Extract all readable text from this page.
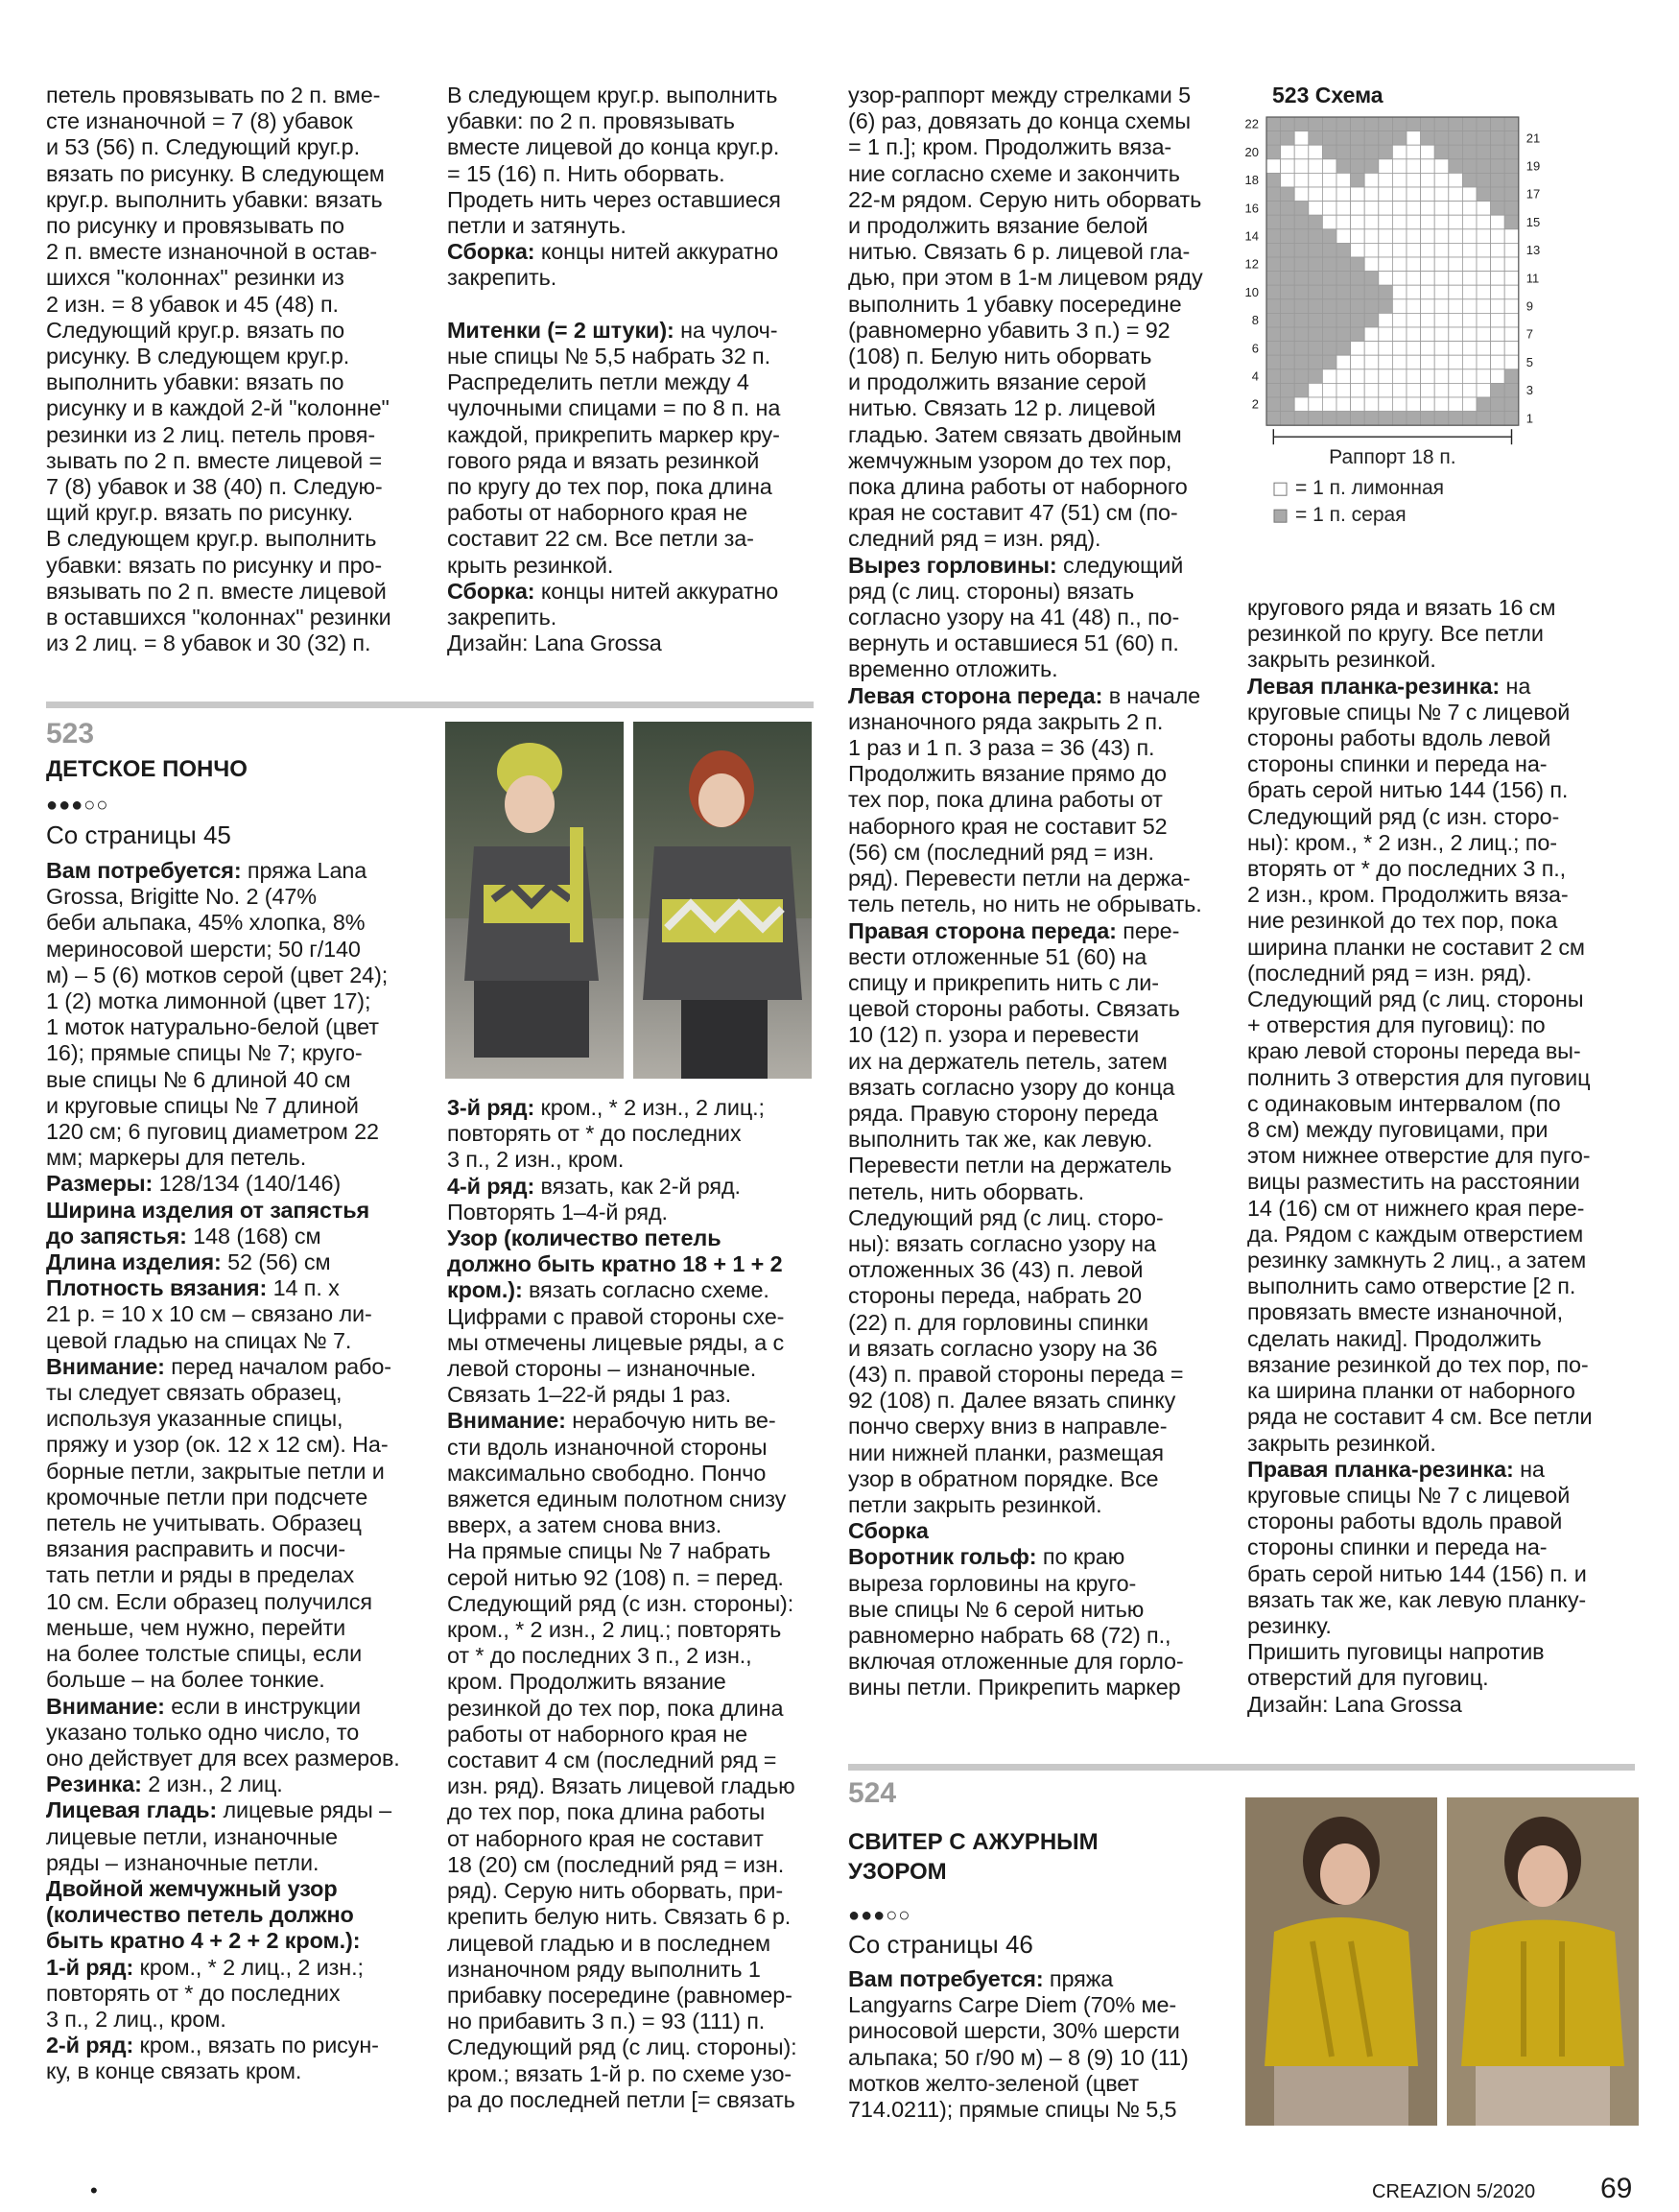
петель провязывать по 2 п. вме-
сте изнаночной = 7 (8) убавок
и 53 (56) п. Следующий круг.р.
вязать по рисунку. В следующем
круг.р. выполнить убавки: вязать
по рисунку и провязывать по
2 п. вместе изнаночной в остав-
шихся "колоннах" резинки из
2 изн. = 8 убавок и 45 (48) п.
Следующий круг.р. вязать по
рисунку. В следующем круг.р.
выполнить убавки: вязать по
рисунку и в каждой 2-й "колонне"
резинки из 2 лиц. петель провя-
зывать по 2 п. вместе лицевой =
7 (8) убавок и 38 (40) п. Следую-
щий круг.р. вязать по рисунку.
В следующем круг.р. выполнить
убавки: вязать по рисунку и про-
вязывать по 2 п. вместе лицевой
в оставшихся "колоннах" резинки
из 2 лиц. = 8 убавок и 30 (32) п.
В следующем круг.р. выполнить
убавки: по 2 п. провязывать
вместе лицевой до конца круг.р.
= 15 (16) п. Нить оборвать.
Продеть нить через оставшиеся
петли и затянуть.
Сборка: концы нитей аккуратно
закрепить.

Митенки (= 2 штуки): на чулоч-
ные спицы № 5,5 набрать 32 п.
Распределить петли между 4
чулочными спицами = по 8 п. на
каждой, прикрепить маркер кру-
гового ряда и вязать резинкой
по кругу до тех пор, пока длина
работы от наборного края не
составит 22 см. Все петли за-
крыть резинкой.
Сборка: концы нитей аккуратно
закрепить.
Дизайн: Lana Grossa
узор-раппорт между стрелками 5
(6) раз, довязать до конца схемы
= 1 п.]; кром. Продолжить вяза-
ние согласно схеме и закончить
22-м рядом. Серую нить оборвать
и продолжить вязание белой
нитью. Связать 6 р. лицевой гла-
дью, при этом в 1-м лицевом ряду
выполнить 1 убавку посередине
(равномерно убавить 3 п.) = 92
(108) п. Белую нить оборвать
и продолжить вязание серой
нитью. Связать 12 р. лицевой
гладью. Затем связать двойным
жемчужным узором до тех пор,
пока длина работы от наборного
края не составит 47 (51) см (по-
следний ряд = изн. ряд).
Вырез горловины: следующий
ряд (с лиц. стороны) вязать
согласно узору на 41 (48) п., по-
вернуть и оставшиеся 51 (60) п.
временно отложить.
Левая сторона переда: в начале
изнаночного ряда закрыть 2 п.
1 раз и 1 п. 3 раза = 36 (43) п.
Продолжить вязание прямо до
тех пор, пока длина работы от
наборного края не составит 52
(56) см (последний ряд = изн.
ряд). Перевести петли на держа-
тель петель, но нить не обрывать.
Правая сторона переда: пере-
вести отложенные 51 (60) на
спицу и прикрепить нить с ли-
цевой стороны работы. Связать
10 (12) п. узора и перевести
их на держатель петель, затем
вязать согласно узору до конца
ряда. Правую сторону переда
выполнить так же, как левую.
Перевести петли на держатель
петель, нить оборвать.
Следующий ряд (с лиц. сторо-
ны): вязать согласно узору на
отложенных 36 (43) п. левой
стороны переда, набрать 20
(22) п. для горловины спинки
и вязать согласно узору на 36
(43) п. правой стороны переда =
92 (108) п. Далее вязать спинку
пончо сверху вниз в направле-
нии нижней планки, размещая
узор в обратном порядке. Все
петли закрыть резинкой.
Сборка
Воротник гольф: по краю
выреза горловины на круго-
вые спицы № 6 серой нитью
равномерно набрать 68 (72) п.,
включая отложенные для горло-
вины петли. Прикрепить маркер
523 Схема
22
20
18
16
14
12
10
8
6
4
2
21
19
17
15
13
11
9
7
5
3
1
Раппорт 18 п.
= 1 п. лимонная
= 1 п. серая
кругового ряда и вязать 16 см
резинкой по кругу. Все петли
закрыть резинкой.
Левая планка-резинка: на
круговые спицы № 7 с лицевой
стороны работы вдоль левой
стороны спинки и переда на-
брать серой нитью 144 (156) п.
Следующий ряд (с изн. сторо-
ны): кром., * 2 изн., 2 лиц.; по-
вторять от * до последних 3 п.,
2 изн., кром. Продолжить вяза-
ние резинкой до тех пор, пока
ширина планки не составит 2 см
(последний ряд = изн. ряд).
Следующий ряд (с лиц. стороны
+ отверстия для пуговиц): по
краю левой стороны переда вы-
полнить 3 отверстия для пуговиц
с одинаковым интервалом (по
8 см) между пуговицами, при
этом нижнее отверстие для пуго-
вицы разместить на расстоянии
14 (16) см от нижнего края пере-
да. Рядом с каждым отверстием
резинку замкнуть 2 лиц., а затем
выполнить само отверстие [2 п.
провязать вместе изнаночной,
сделать накид]. Продолжить
вязание резинкой до тех пор, по-
ка ширина планки от наборного
ряда не составит 4 см. Все петли
закрыть резинкой.
Правая планка-резинка: на
круговые спицы № 7 с лицевой
стороны работы вдоль правой
стороны спинки и переда на-
брать серой нитью 144 (156) п. и
вязать так же, как левую планку-
резинку.
Пришить пуговицы напротив
отверстий для пуговиц.
Дизайн: Lana Grossa
523
ДЕТСКОЕ ПОНЧО
●●●○○
Со страницы 45
Вам потребуется: пряжа Lana
Grossa, Brigitte No. 2 (47%
беби альпака, 45% хлопка, 8%
мериносовой шерсти; 50 г/140
м) – 5 (6) мотков серой (цвет 24);
1 (2) мотка лимонной (цвет 17);
1 моток натурально-белой (цвет
16); прямые спицы № 7; круго-
вые спицы № 6 длиной 40 см
и круговые спицы № 7 длиной
120 см; 6 пуговиц диаметром 22
мм; маркеры для петель.
Размеры: 128/134 (140/146)
Ширина изделия от запястья
до запястья: 148 (168) см
Длина изделия: 52 (56) см
Плотность вязания: 14 п. х
21 р. = 10 х 10 см – связано ли-
цевой гладью на спицах № 7.
Внимание: перед началом рабо-
ты следует связать образец,
используя указанные спицы,
пряжу и узор (ок. 12 х 12 см). На-
борные петли, закрытые петли и
кромочные петли при подсчете
петель не учитывать. Образец
вязания расправить и посчи-
тать петли и ряды в пределах
10 см. Если образец получился
меньше, чем нужно, перейти
на более толстые спицы, если
больше – на более тонкие.
Внимание: если в инструкции
указано только одно число, то
оно действует для всех размеров.
Резинка: 2 изн., 2 лиц.
Лицевая гладь: лицевые ряды –
лицевые петли, изнаночные
ряды – изнаночные петли.
Двойной жемчужный узор
(количество петель должно
быть кратно 4 + 2 + 2 кром.):
1-й ряд: кром., * 2 лиц., 2 изн.;
повторять от * до последних
3 п., 2 лиц., кром.
2-й ряд: кром., вязать по рисун-
ку, в конце связать кром.
3-й ряд: кром., * 2 изн., 2 лиц.;
повторять от * до последних
3 п., 2 изн., кром.
4-й ряд: вязать, как 2-й ряд.
Повторять 1–4-й ряд.
Узор (количество петель
должно быть кратно 18 + 1 + 2
кром.): вязать согласно схеме.
Цифрами с правой стороны схе-
мы отмечены лицевые ряды, а с
левой стороны – изнаночные.
Связать 1–22-й ряды 1 раз.
Внимание: нерабочую нить ве-
сти вдоль изнаночной стороны
максимально свободно. Пончо
вяжется единым полотном снизу
вверх, а затем снова вниз.
На прямые спицы № 7 набрать
серой нитью 92 (108) п. = перед.
Следующий ряд (с изн. стороны):
кром., * 2 изн., 2 лиц.; повторять
от * до последних 3 п., 2 изн.,
кром. Продолжить вязание
резинкой до тех пор, пока длина
работы от наборного края не
составит 4 см (последний ряд =
изн. ряд). Вязать лицевой гладью
до тех пор, пока длина работы
от наборного края не составит
18 (20) см (последний ряд = изн.
ряд). Серую нить оборвать, при-
крепить белую нить. Связать 6 р.
лицевой гладью и в последнем
изнаночном ряду выполнить 1
прибавку посередине (равномер-
но прибавить 3 п.) = 93 (111) п.
Следующий ряд (с лиц. стороны):
кром.; вязать 1-й р. по схеме узо-
ра до последней петли [= связать
524
СВИТЕР С АЖУРНЫМ
УЗОРОМ
●●●○○
Со страницы 46
Вам потребуется: пряжа
Langyarns Carpe Diem (70% ме-
риносовой шерсти, 30% шерсти
альпака; 50 г/90 м) – 8 (9) 10 (11)
мотков желто-зеленой (цвет
714.0211); прямые спицы № 5,5
•	CREAZION 5/2020 69
